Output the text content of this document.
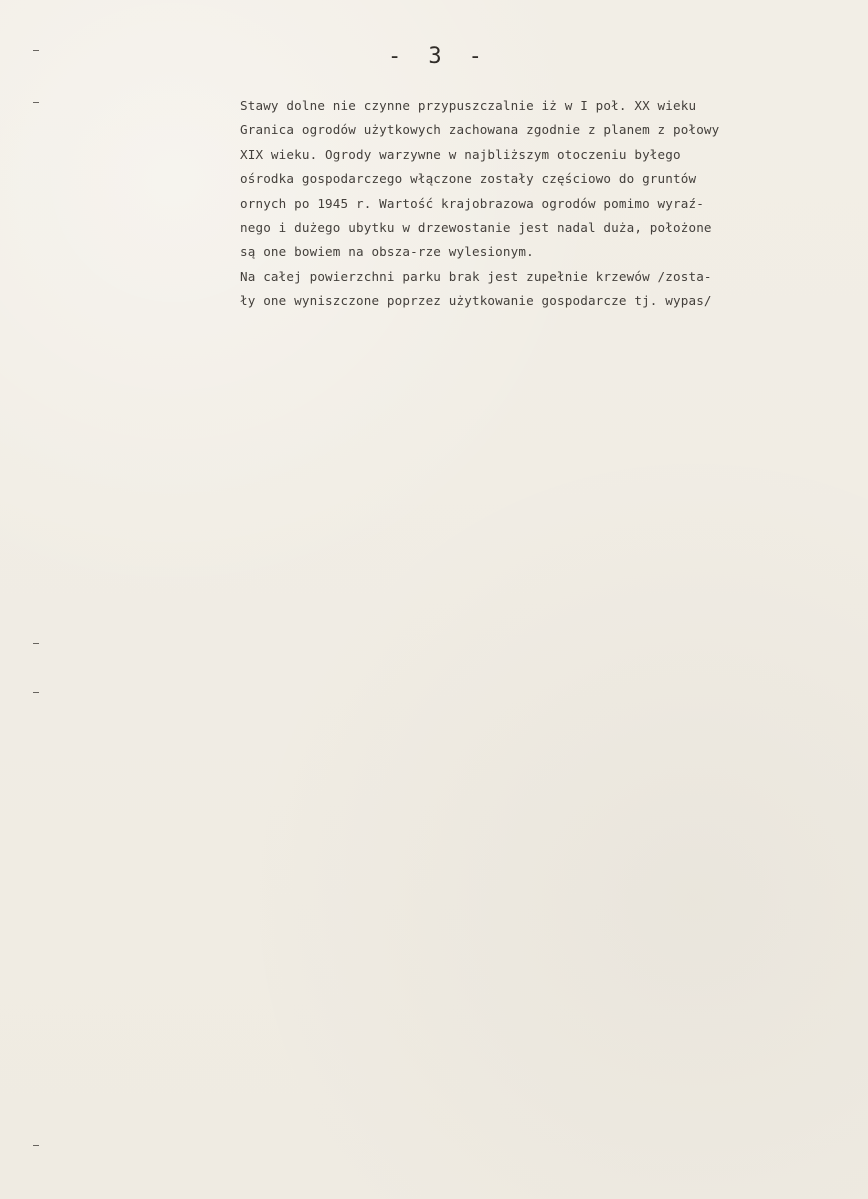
-  3  -
Stawy dolne nie czynne przypuszczalnie iż w I poł. XX wieku
Granica ogrodów użytkowych zachowana zgodnie z planem z połowy
XIX wieku. Ogrody warzywne w najbliższym otoczeniu byłego
ośrodka gospodarczego włączone zostały częściowo do gruntów
ornych po 1945 r. Wartość krajobrazowa ogrodów pomimo wyraź-
nego i dużego ubytku w drzewostanie jest nadal duża, położone
są one bowiem na obsza-rze wylesionym.
Na całej powierzchni parku brak jest zupełnie krzewów /zosta-
ły one wyniszczone poprzez użytkowanie gospodarcze tj. wypas/
